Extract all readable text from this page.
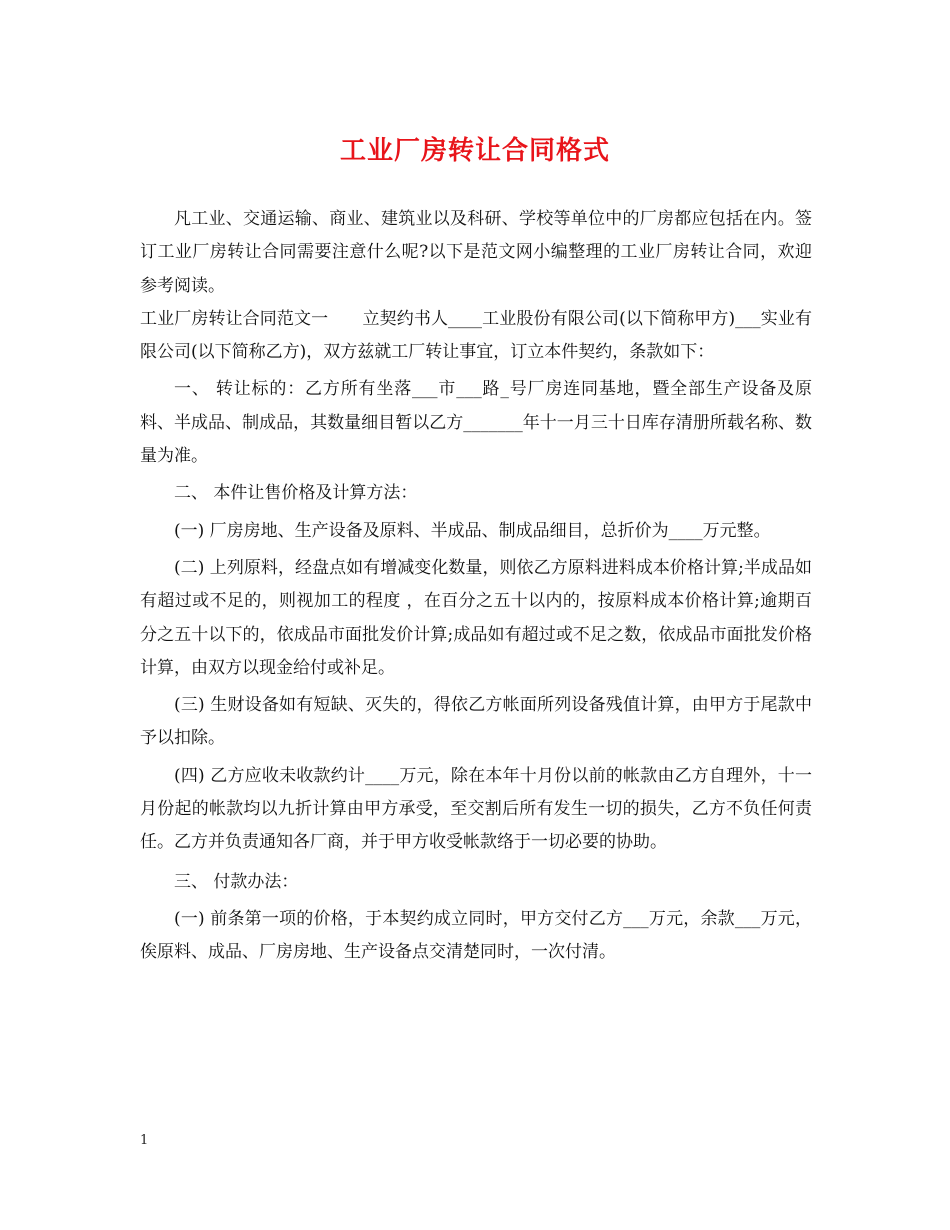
工业厂房转让合同格式

凡工业、交通运输、商业、建筑业以及科研、学校等单位中的厂房都应包括在内。签订工业厂房转让合同需要注意什么呢?以下是范文网小编整理的工业厂房转让合同，欢迎参考阅读。

工业厂房转让合同范文一　　立契约书人____工业股份有限公司(以下简称甲方)___实业有限公司(以下简称乙方)，双方兹就工厂转让事宜，订立本件契约，条款如下：

一、 转让标的：乙方所有坐落___市___路_号厂房连同基地，暨全部生产设备及原料、半成品、制成品，其数量细目暂以乙方_______年十一月三十日库存清册所载名称、数量为准。

二、 本件让售价格及计算方法：

(一) 厂房房地、生产设备及原料、半成品、制成品细目，总折价为____万元整。

(二) 上列原料，经盘点如有增减变化数量，则依乙方原料进料成本价格计算;半成品如有超过或不足的，则视加工的程度 ，在百分之五十以内的，按原料成本价格计算;逾期百分之五十以下的，依成品市面批发价计算;成品如有超过或不足之数，依成品市面批发价格计算，由双方以现金给付或补足。

(三) 生财设备如有短缺、灭失的，得依乙方帐面所列设备残值计算，由甲方于尾款中予以扣除。

(四) 乙方应收未收款约计____万元，除在本年十月份以前的帐款由乙方自理外，十一月份起的帐款均以九折计算由甲方承受，至交割后所有发生一切的损失，乙方不负任何责任。乙方并负责通知各厂商，并于甲方收受帐款络于一切必要的协助。

三、 付款办法：

(一) 前条第一项的价格，于本契约成立同时，甲方交付乙方___万元，余款___万元，俟原料、成品、厂房房地、生产设备点交清楚同时，一次付清。

1
